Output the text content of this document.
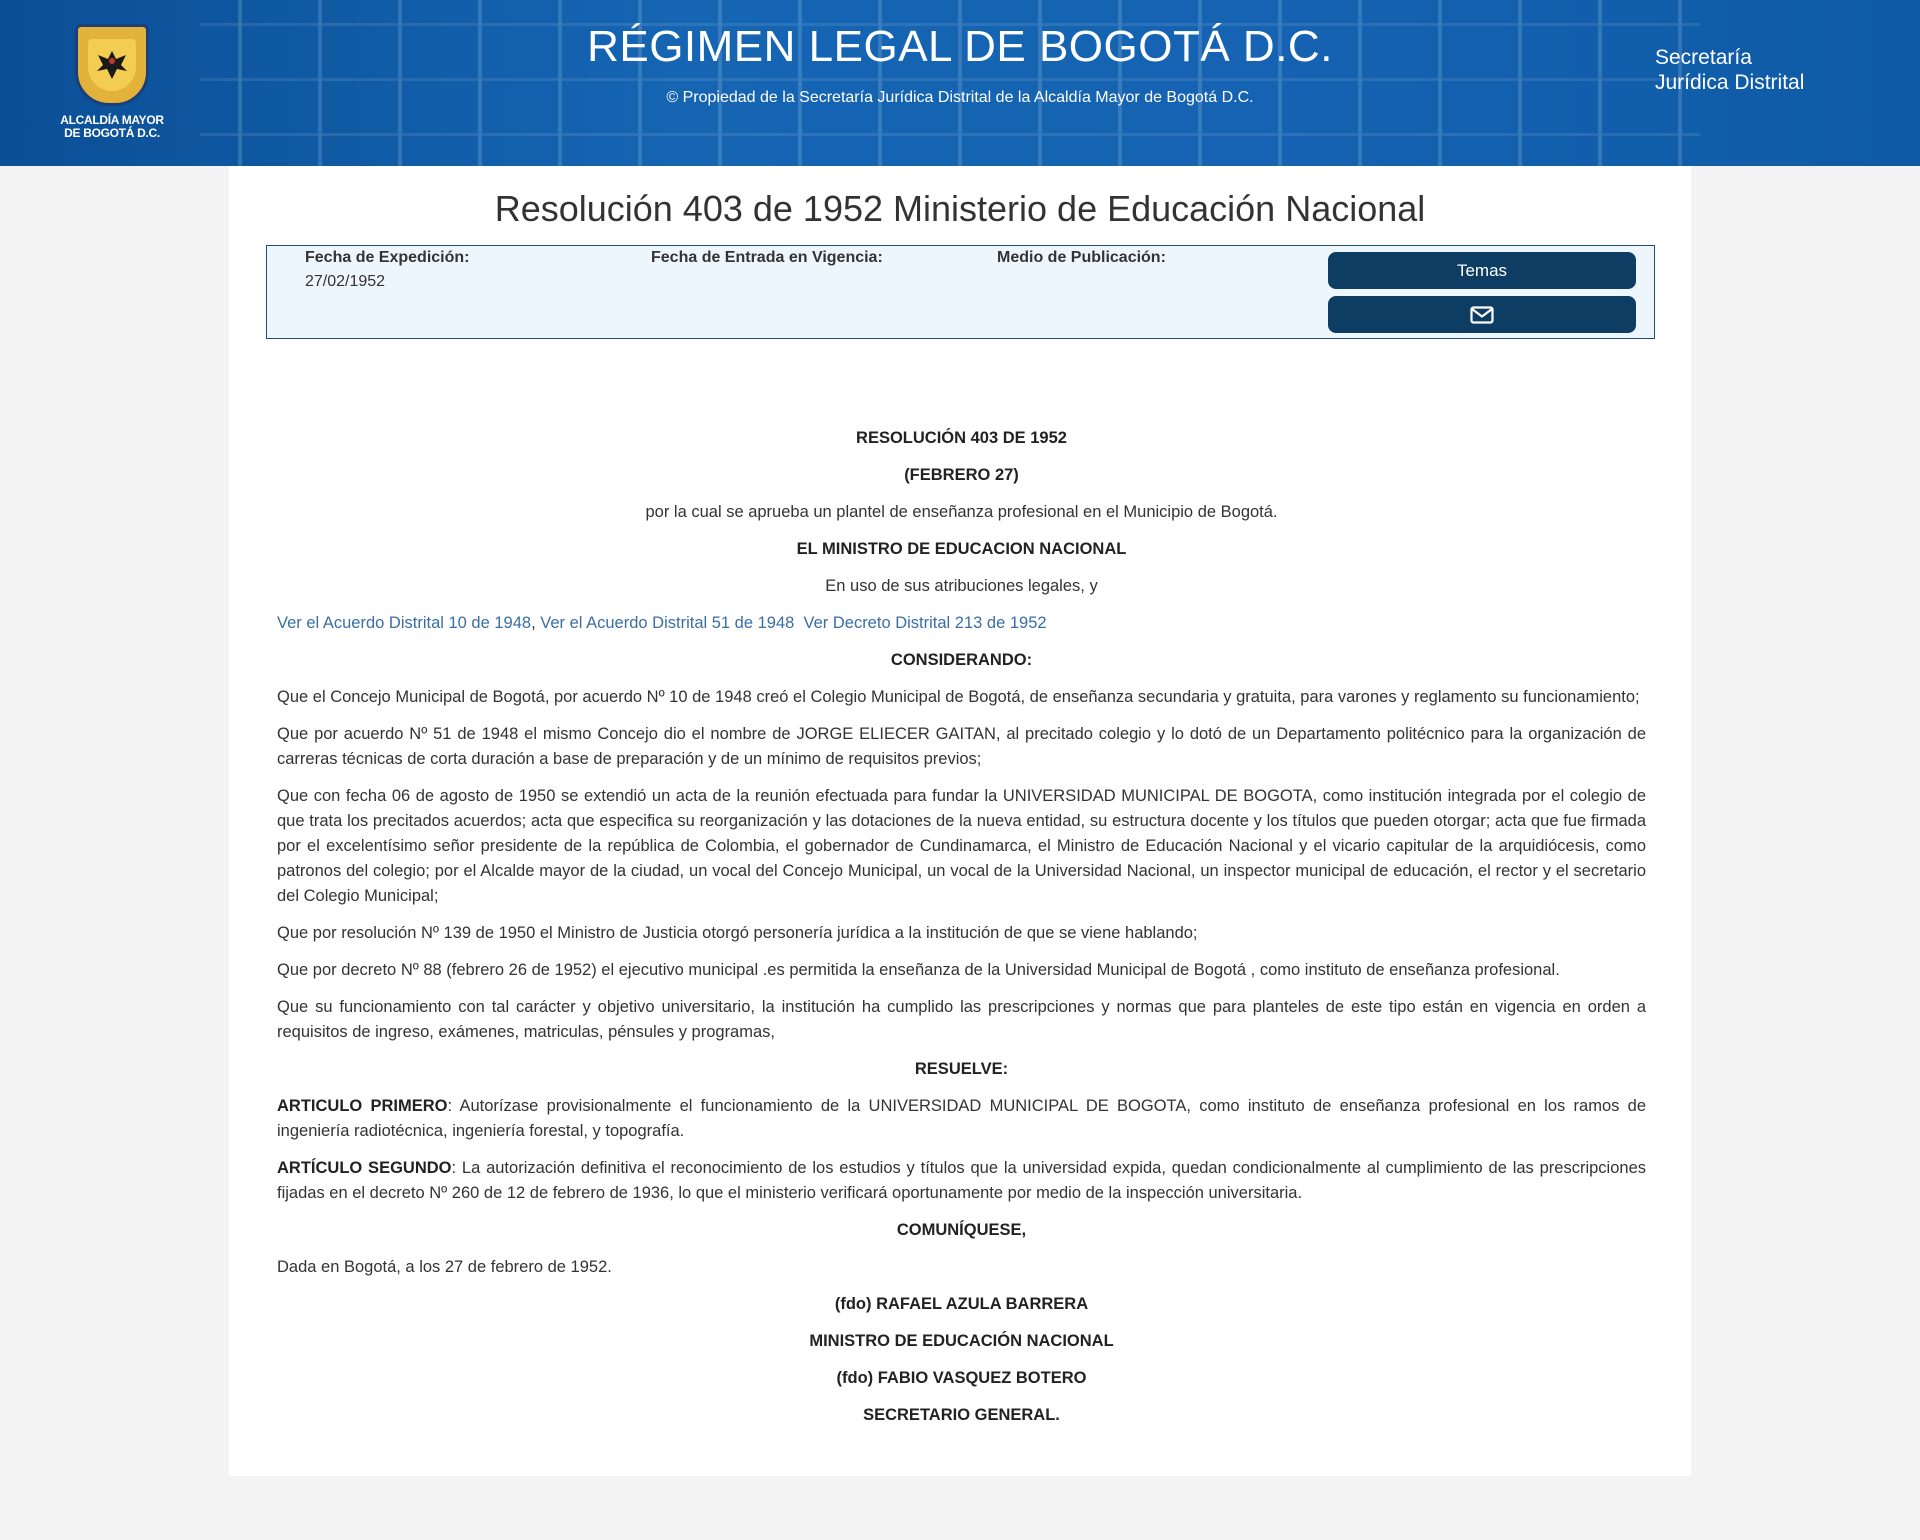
ALCALDÍA MAYOR
DE BOGOTÁ D.C.
RÉGIMEN LEGAL DE BOGOTÁ D.C.
© Propiedad de la Secretaría Jurídica Distrital de la Alcaldía Mayor de Bogotá D.C.
Secretaría
Jurídica Distrital
Resolución 403 de 1952 Ministerio de Educación Nacional
Fecha de Expedición:
27/02/1952
Fecha de Entrada en Vigencia:	Medio de Publicación:
Temas

RESOLUCIÓN 403 DE 1952

(FEBRERO 27)

por la cual se aprueba un plantel de enseñanza profesional en el Municipio de Bogotá.

EL MINISTRO DE EDUCACION NACIONAL

En uso de sus atribuciones legales, y

Ver el Acuerdo Distrital 10 de 1948, Ver el Acuerdo Distrital 51 de 1948 Ver Decreto Distrital 213 de 1952

CONSIDERANDO:

Que el Concejo Municipal de Bogotá, por acuerdo Nº 10 de 1948 creó el Colegio Municipal de Bogotá, de enseñanza secundaria y gratuita, para varones y reglamento su funcionamiento;

Que por acuerdo Nº 51 de 1948 el mismo Concejo dio el nombre de JORGE ELIECER GAITAN, al precitado colegio y lo dotó de un Departamento politécnico para la organización de carreras técnicas de corta duración a base de preparación y de un mínimo de requisitos previos;

Que con fecha 06 de agosto de 1950 se extendió un acta de la reunión efectuada para fundar la UNIVERSIDAD MUNICIPAL DE BOGOTA, como institución integrada por el colegio de que trata los precitados acuerdos; acta que especifica su reorganización y las dotaciones de la nueva entidad, su estructura docente y los títulos que pueden otorgar; acta que fue firmada por el excelentísimo señor presidente de la república de Colombia, el gobernador de Cundinamarca, el Ministro de Educación Nacional y el vicario capitular de la arquidiócesis, como patronos del colegio; por el Alcalde mayor de la ciudad, un vocal del Concejo Municipal, un vocal de la Universidad Nacional, un inspector municipal de educación, el rector y el secretario del Colegio Municipal;

Que por resolución Nº 139 de 1950 el Ministro de Justicia otorgó personería jurídica a la institución de que se viene hablando;

Que por decreto Nº 88 (febrero 26 de 1952) el ejecutivo municipal .es permitida la enseñanza de la Universidad Municipal de Bogotá , como instituto de enseñanza profesional.

Que su funcionamiento con tal carácter y objetivo universitario, la institución ha cumplido las prescripciones y normas que para planteles de este tipo están en vigencia en orden a requisitos de ingreso, exámenes, matriculas, pénsules y programas,

RESUELVE:

ARTICULO PRIMERO: Autorízase provisionalmente el funcionamiento de la UNIVERSIDAD MUNICIPAL DE BOGOTA, como instituto de enseñanza profesional en los ramos de ingeniería radiotécnica, ingeniería forestal, y topografía.

ARTÍCULO SEGUNDO: La autorización definitiva el reconocimiento de los estudios y títulos que la universidad expida, quedan condicionalmente al cumplimiento de las prescripciones fijadas en el decreto Nº 260 de 12 de febrero de 1936, lo que el ministerio verificará oportunamente por medio de la inspección universitaria.

COMUNÍQUESE,

Dada en Bogotá, a los 27 de febrero de 1952.

(fdo) RAFAEL AZULA BARRERA

MINISTRO DE EDUCACIÓN NACIONAL

(fdo) FABIO VASQUEZ BOTERO

SECRETARIO GENERAL.
